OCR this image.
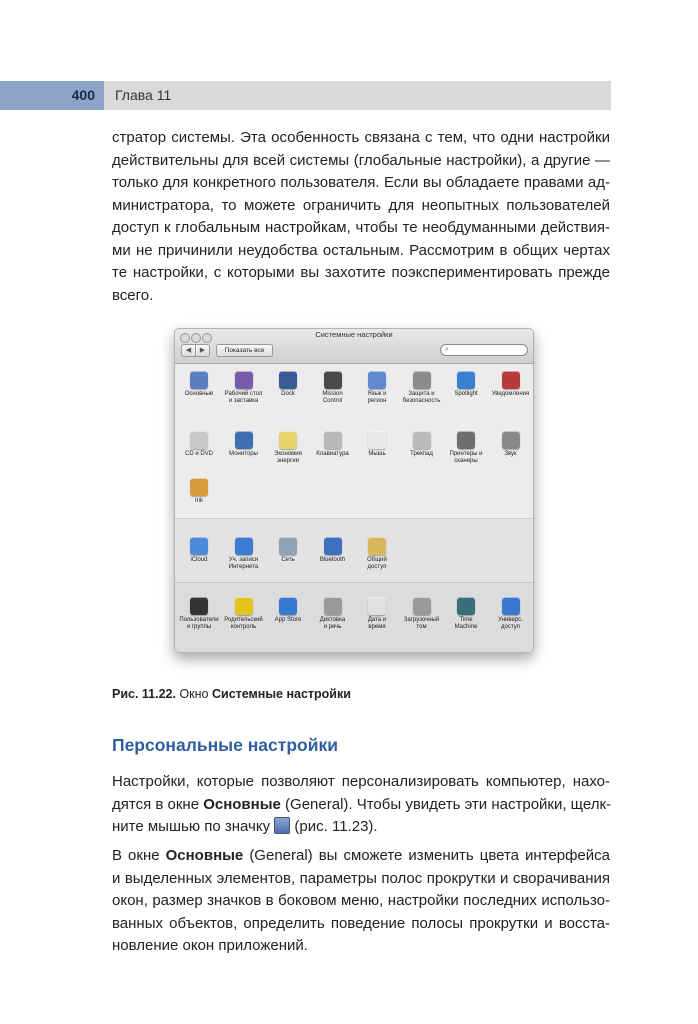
400	Глава 11
стратор системы. Эта особенность связана с тем, что одни настройки
действительны для всей системы (глобальные настройки), а другие —
только для конкретного пользователя. Если вы обладаете правами ад-
министратора, то можете ограничить для неопытных пользователей
доступ к глобальным настройкам, чтобы те необдуманными действия-
ми не причинили неудобства остальным. Рассмотрим в общих чертах
те настройки, с которыми вы захотите поэкспериментировать прежде
всего.
Системные настройки
◀	▶	Показать все	⌕
Основные	Рабочий стол
и заставка
Dock	Mission
Control
Язык и
регион
Защита и
безопасность
Spotlight	Уведомления
CD и DVD	Мониторы	Экономия
энергии
Клавиатура	Мышь	Трекпад	Принтеры и
сканеры
Звук
Ink
iCloud	Уч. записи
Интернета
Сеть	Bluetooth	Общий
доступ
Пользователи
и группы
Родительский
контроль
App Store	Диктовка
и речь
Дата и
время
Загрузочный
том
Time
Machine
Универс.
доступ
Рис. 11.22. Окно Системные настройки
Персональные настройки
Настройки, которые позволяют персонализировать компьютер, нахо-
дятся в окне Основные (General). Чтобы увидеть эти настройки, щелк-
ните мышью по значку  (рис. 11.23).
В окне Основные (General) вы сможете изменить цвета интерфейса
и выделенных элементов, параметры полос прокрутки и сворачивания
окон, размер значков в боковом меню, настройки последних использо-
ванных объектов, определить поведение полосы прокрутки и восста-
новление окон приложений.
